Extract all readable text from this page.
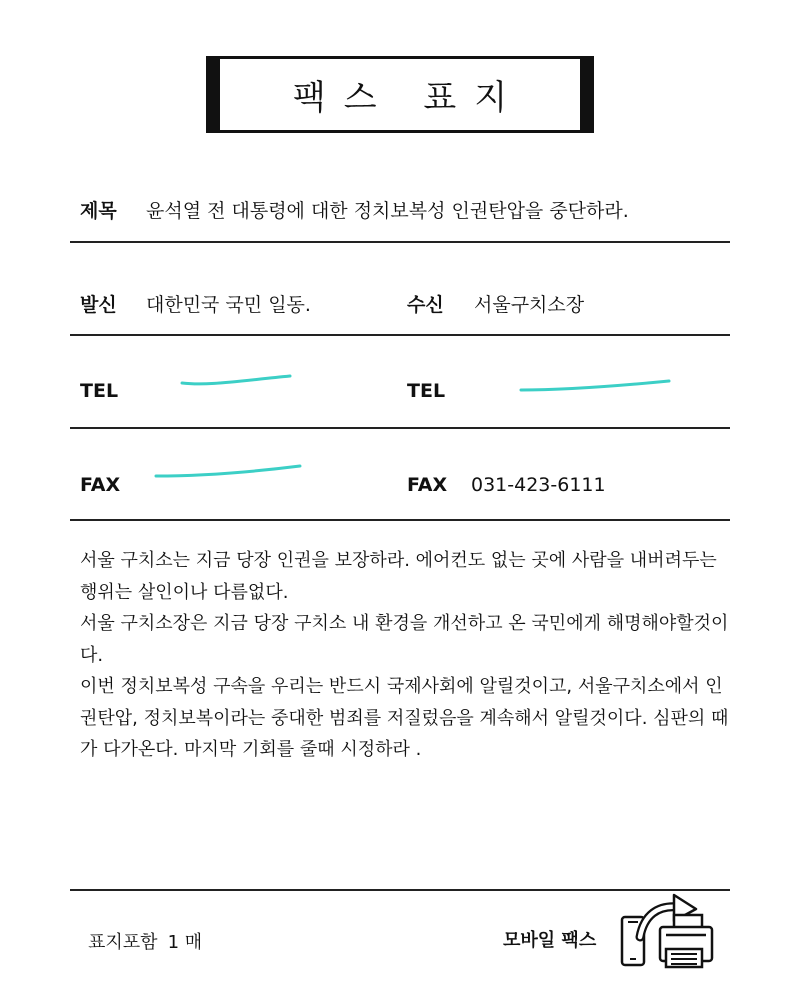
팩스 표지
제목 윤석열 전 대통령에 대한 정치보복성 인권탄압을 중단하라.
발신 대한민국 국민 일동.	수신 서울구치소장
TEL	TEL
FAX	FAX 031-423-6111

서울 구치소는 지금 당장 인권을 보장하라. 에어컨도 없는 곳에 사람을 내버려두는 행위는 살인이나 다름없다.

서울 구치소장은 지금 당장 구치소 내 환경을 개선하고 온 국민에게 해명해야할것이다.

이번 정치보복성 구속을 우리는 반드시 국제사회에 알릴것이고, 서울구치소에서 인권탄압, 정치보복이라는 중대한 범죄를 저질렀음을 계속해서 알릴것이다. 심판의 때가 다가온다. 마지막 기회를 줄때 시정하라 .

표지포함 1 매	모바일 팩스
